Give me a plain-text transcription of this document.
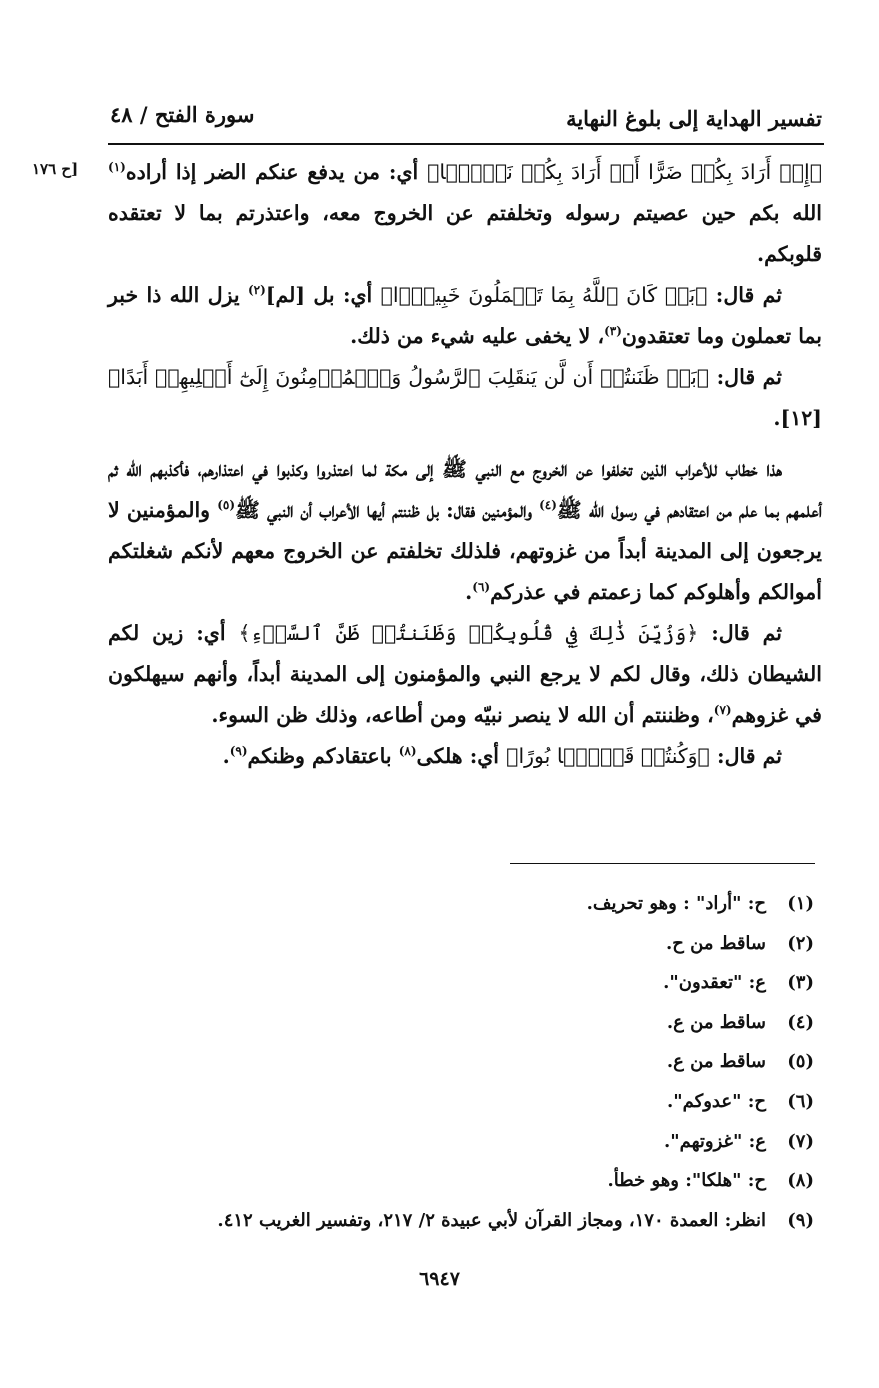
تفسير الهداية إلى بلوغ النهاية
سورة الفتح / ٤٨
[ح ١٧٦	﴿إِنۡ أَرَادَ بِكُمۡ ضَرًّا أَوۡ أَرَادَ بِكُمۡ نَفۡعَۢا﴾ أي: من يدفع عنكم الضر إذا أراده$^{(١)}$ الله بكم حين عصيتم رسوله وتخلفتم عن الخروج معه، واعتذرتم بما لا تعتقده قلوبكم.

ثم قال: ﴿بَلۡ كَانَ ٱللَّهُ بِمَا تَعۡمَلُونَ خَبِيرًۢا﴾ أي: بل [لم]$^{(٢)}$ يزل الله ذا خبر بما تعملون وما تعتقدون$^{(٣)}$، لا يخفى عليه شيء من ذلك.

ثم قال: ﴿بَلۡ ظَنَنتُمۡ أَن لَّن يَنقَلِبَ ٱلرَّسُولُ وَٱلۡمُؤۡمِنُونَ إِلَىٰٓ أَهۡلِيهِمۡ أَبَدًا﴾ [١٢].

هذا خطاب للأعراب الذين تخلفوا عن الخروج مع النبي ﷺ إلى مكة لما اعتذروا وكذبوا في اعتذارهم، فأكذبهم الله ثم أعلمهم بما علم من اعتقادهم في رسول الله ﷺ$^{(٤)}$ والمؤمنين فقال: بل ظننتم أيها الأعراب أن النبي ﷺ$^{(٥)}$ والمؤمنين لا يرجعون إلى المدينة أبداً من غزوتهم، فلذلك تخلفتم عن الخروج معهم لأنكم شغلتكم أموالكم وأهلوكم كما زعمتم في عذركم$^{(٦)}$.

ثم قال: ﴿وَزُيِّنَ ذَٰلِكَ فِي قُلُوبِكُمۡ وَظَنَنتُمۡ ظَنَّ ٱلسَّوۡءِ﴾ أي: زين لكم الشيطان ذلك، وقال لكم لا يرجع النبي والمؤمنون إلى المدينة أبداً، وأنهم سيهلكون في غزوهم$^{(٧)}$، وظننتم أن الله لا ينصر نبيّه ومن أطاعه، وذلك ظن السوء.

ثم قال: ﴿وَكُنتُمۡ قَوۡمَۢا بُورًا﴾ أي: هلكى$^{(٨)}$ باعتقادكم وظنكم$^{(٩)}$.

(١)
ح: "أراد" : وهو تحريف.
(٢)
ساقط من ح.
(٣)
ع: "تعقدون".
(٤)
ساقط من ع.
(٥)
ساقط من ع.
(٦)
ح: "عدوكم".
(٧)
ع: "غزوتهم".
(٨)
ح: "هلكا": وهو خطأ.
(٩)
انظر: العمدة ١٧٠، ومجاز القرآن لأبي عبيدة ٢/ ٢١٧، وتفسير الغريب ٤١٢.
٦٩٤٧
